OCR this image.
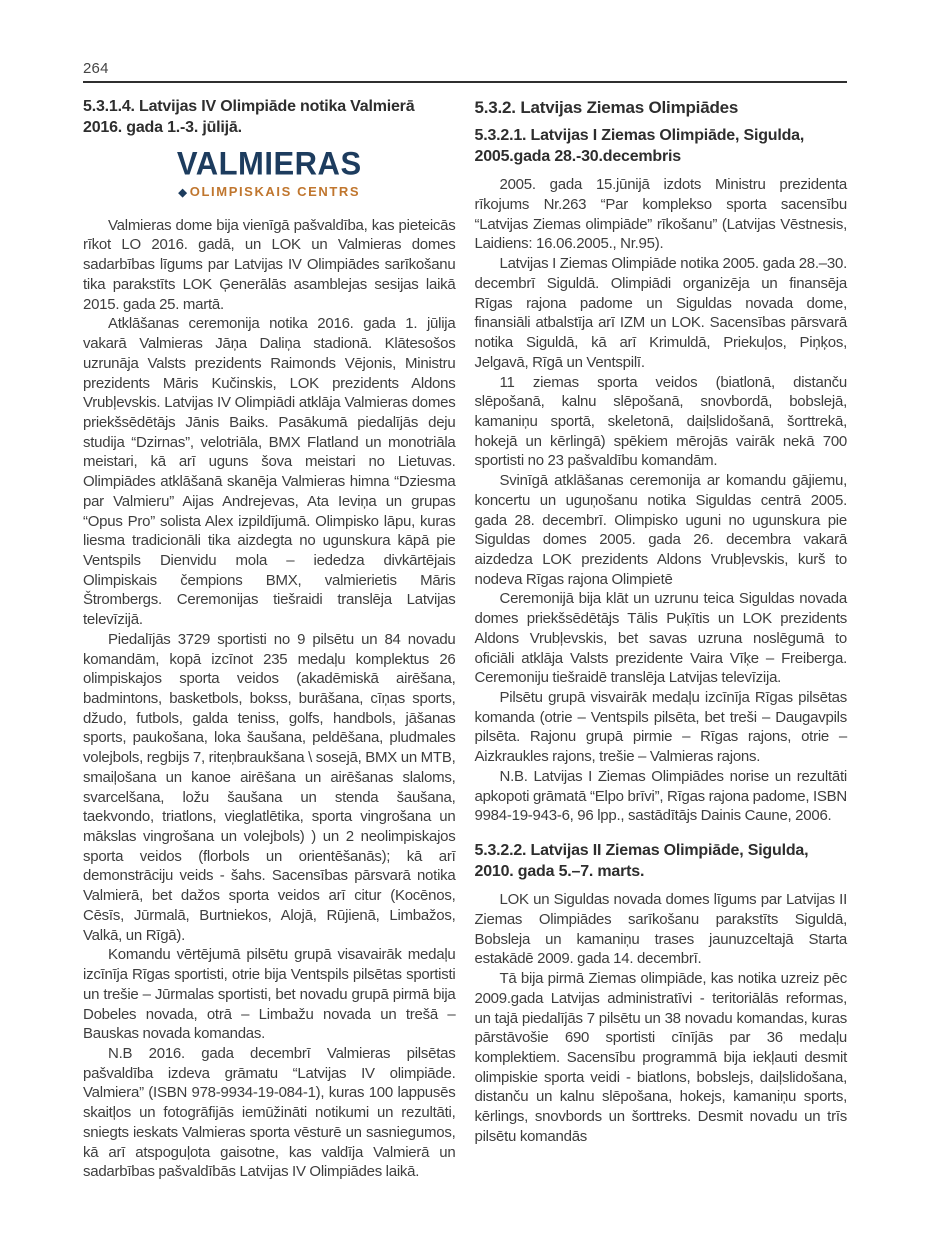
264
5.3.1.4. Latvijas IV Olimpiāde notika Valmierā 2016. gada 1.-3. jūlijā.
VALMIERAS
◆ OLIMPISKAIS CENTRS

Valmieras dome bija vienīgā pašvaldība, kas pieteicās rīkot LO 2016. gadā, un LOK un Valmieras domes sadarbības līgums par Latvijas IV Olimpiādes sarīkošanu tika parakstīts LOK Ģenerālās asamblejas sesijas laikā 2015. gada 25. martā.

Atklāšanas ceremonija notika 2016. gada 1. jūlija vakarā Valmieras Jāņa Daliņa stadionā. Klātesošos uzrunāja Valsts prezidents Raimonds Vējonis, Ministru prezidents Māris Kučinskis, LOK prezidents Aldons Vrubļevskis. Latvijas IV Olimpiādi atklāja Valmieras domes priekšsēdētājs Jānis Baiks. Pasākumā piedalījās deju studija “Dzirnas”, velotriāla, BMX Flatland un monotriāla meistari, kā arī uguns šova meistari no Lietuvas. Olimpiādes atklāšanā skanēja Valmieras himna “Dziesma par Valmieru” Aijas Andrejevas, Ata Ieviņa un grupas “Opus Pro” solista Alex izpildījumā. Olimpisko lāpu, kuras liesma tradicionāli tika aizdegta no ugunskura kāpā pie Ventspils Dienvidu mola – iededza divkārtējais Olimpiskais čempions BMX, valmierietis Māris Štrombergs. Ceremonijas tiešraidi translēja Latvijas televīzijā.

Piedalījās 3729 sportisti no 9 pilsētu un 84 novadu komandām, kopā izcīnot 235 medaļu komplektus 26 olimpiskajos sporta veidos (akadēmiskā airēšana, badmintons, basketbols, bokss, burāšana, cīņas sports, džudo, futbols, galda teniss, golfs, handbols, jāšanas sports, paukošana, loka šaušana, peldēšana, pludmales volejbols, regbijs 7, riteņbraukšana \ sosejā, BMX un MTB, smaiļošana un kanoe airēšana un airēšanas slaloms, svarcelšana, ložu šaušana un stenda šaušana, taekvondo, triatlons, vieglatlētika, sporta vingrošana un mākslas vingrošana un volejbols) ) un 2 neolimpiskajos sporta veidos (florbols un orientēšanās); kā arī demonstrāciju veids - šahs. Sacensības pārsvarā notika Valmierā, bet dažos sporta veidos arī citur (Kocēnos, Cēsīs, Jūrmalā, Burtniekos, Alojā, Rūjienā, Limbažos, Valkā, un Rīgā).

Komandu vērtējumā pilsētu grupā visavairāk medaļu izcīnīja Rīgas sportisti, otrie bija Ventspils pilsētas sportisti un trešie – Jūrmalas sportisti, bet novadu grupā pirmā bija Dobeles novada, otrā – Limbažu novada un trešā – Bauskas novada komandas.

N.B 2016. gada decembrī Valmieras pilsētas pašvaldība izdeva grāmatu “Latvijas IV olimpiāde. Valmiera” (ISBN 978-9934-19-084-1), kuras 100 lappusēs skaitļos un fotogrāfijās iemūžināti notikumi un rezultāti, sniegts ieskats Valmieras sporta vēsturē un sasniegumos, kā arī atspoguļota gaisotne, kas valdīja Valmierā un sadarbības pašvaldībās Latvijas IV Olimpiādes laikā.

5.3.2. Latvijas Ziemas Olimpiādes
5.3.2.1. Latvijas I Ziemas Olimpiāde, Sigulda, 2005.gada 28.-30.decembris

2005. gada 15.jūnijā izdots Ministru prezidenta rīkojums Nr.263 “Par komplekso sporta sacensību “Latvijas Ziemas olimpiāde” rīkošanu” (Latvijas Vēstnesis, Laidiens: 16.06.2005., Nr.95).

Latvijas I Ziemas Olimpiāde notika 2005. gada 28.–30. decembrī Siguldā. Olimpiādi organizēja un finansēja Rīgas rajona padome un Siguldas novada dome, finansiāli atbalstīja arī IZM un LOK. Sacensības pārsvarā notika Siguldā, kā arī Krimuldā, Priekuļos, Piņķos, Jelgavā, Rīgā un Ventspilī.

11 ziemas sporta veidos (biatlonā, distanču slēpošanā, kalnu slēpošanā, snovbordā, bobslejā, kamaniņu sportā, skeletonā, daiļslidošanā, šorttrekā, hokejā un kērlingā) spēkiem mērojās vairāk nekā 700 sportisti no 23 pašvaldību komandām.

Svinīgā atklāšanas ceremonija ar komandu gājiemu, koncertu un uguņošanu notika Siguldas centrā 2005. gada 28. decembrī. Olimpisko uguni no ugunskura pie Siguldas domes 2005. gada 26. decembra vakarā aizdedza LOK prezidents Aldons Vrubļevskis, kurš to nodeva Rīgas rajona Olimpietē

Ceremonijā bija klāt un uzrunu teica Siguldas novada domes priekšsēdētājs Tālis Puķītis un LOK prezidents Aldons Vrubļevskis, bet savas uzruna noslēgumā to oficiāli atklāja Valsts prezidente Vaira Vīķe – Freiberga. Ceremoniju tiešraidē translēja Latvijas televīzija.

Pilsētu grupā visvairāk medaļu izcīnīja Rīgas pilsētas komanda (otrie – Ventspils pilsēta, bet treši – Daugavpils pilsēta. Rajonu grupā pirmie – Rīgas rajons, otrie – Aizkraukles rajons, trešie – Valmieras rajons.

N.B. Latvijas I Ziemas Olimpiādes norise un rezultāti apkopoti grāmatā “Elpo brīvi”, Rīgas rajona padome, ISBN 9984-19-943-6, 96 lpp., sastādītājs Dainis Caune, 2006.

5.3.2.2. Latvijas II Ziemas Olimpiāde, Sigulda, 2010. gada 5.–7. marts.

LOK un Siguldas novada domes līgums par Latvijas II Ziemas Olimpiādes sarīkošanu parakstīts Siguldā, Bobsleja un kamaniņu trases jaunuzceltajā Starta estakādē 2009. gada 14. decembrī.

Tā bija pirmā Ziemas olimpiāde, kas notika uzreiz pēc 2009.gada Latvijas administratīvi - teritoriālās reformas, un tajā piedalījās 7 pilsētu un 38 novadu komandas, kuras pārstāvošie 690 sportisti cīnījās par 36 medaļu komplektiem. Sacensību programmā bija iekļauti desmit olimpiskie sporta veidi - biatlons, bobslejs, daiļslidošana, distanču un kalnu slēpošana, hokejs, kamaniņu sports, kērlings, snovbords un šorttreks. Desmit novadu un trīs pilsētu komandās
